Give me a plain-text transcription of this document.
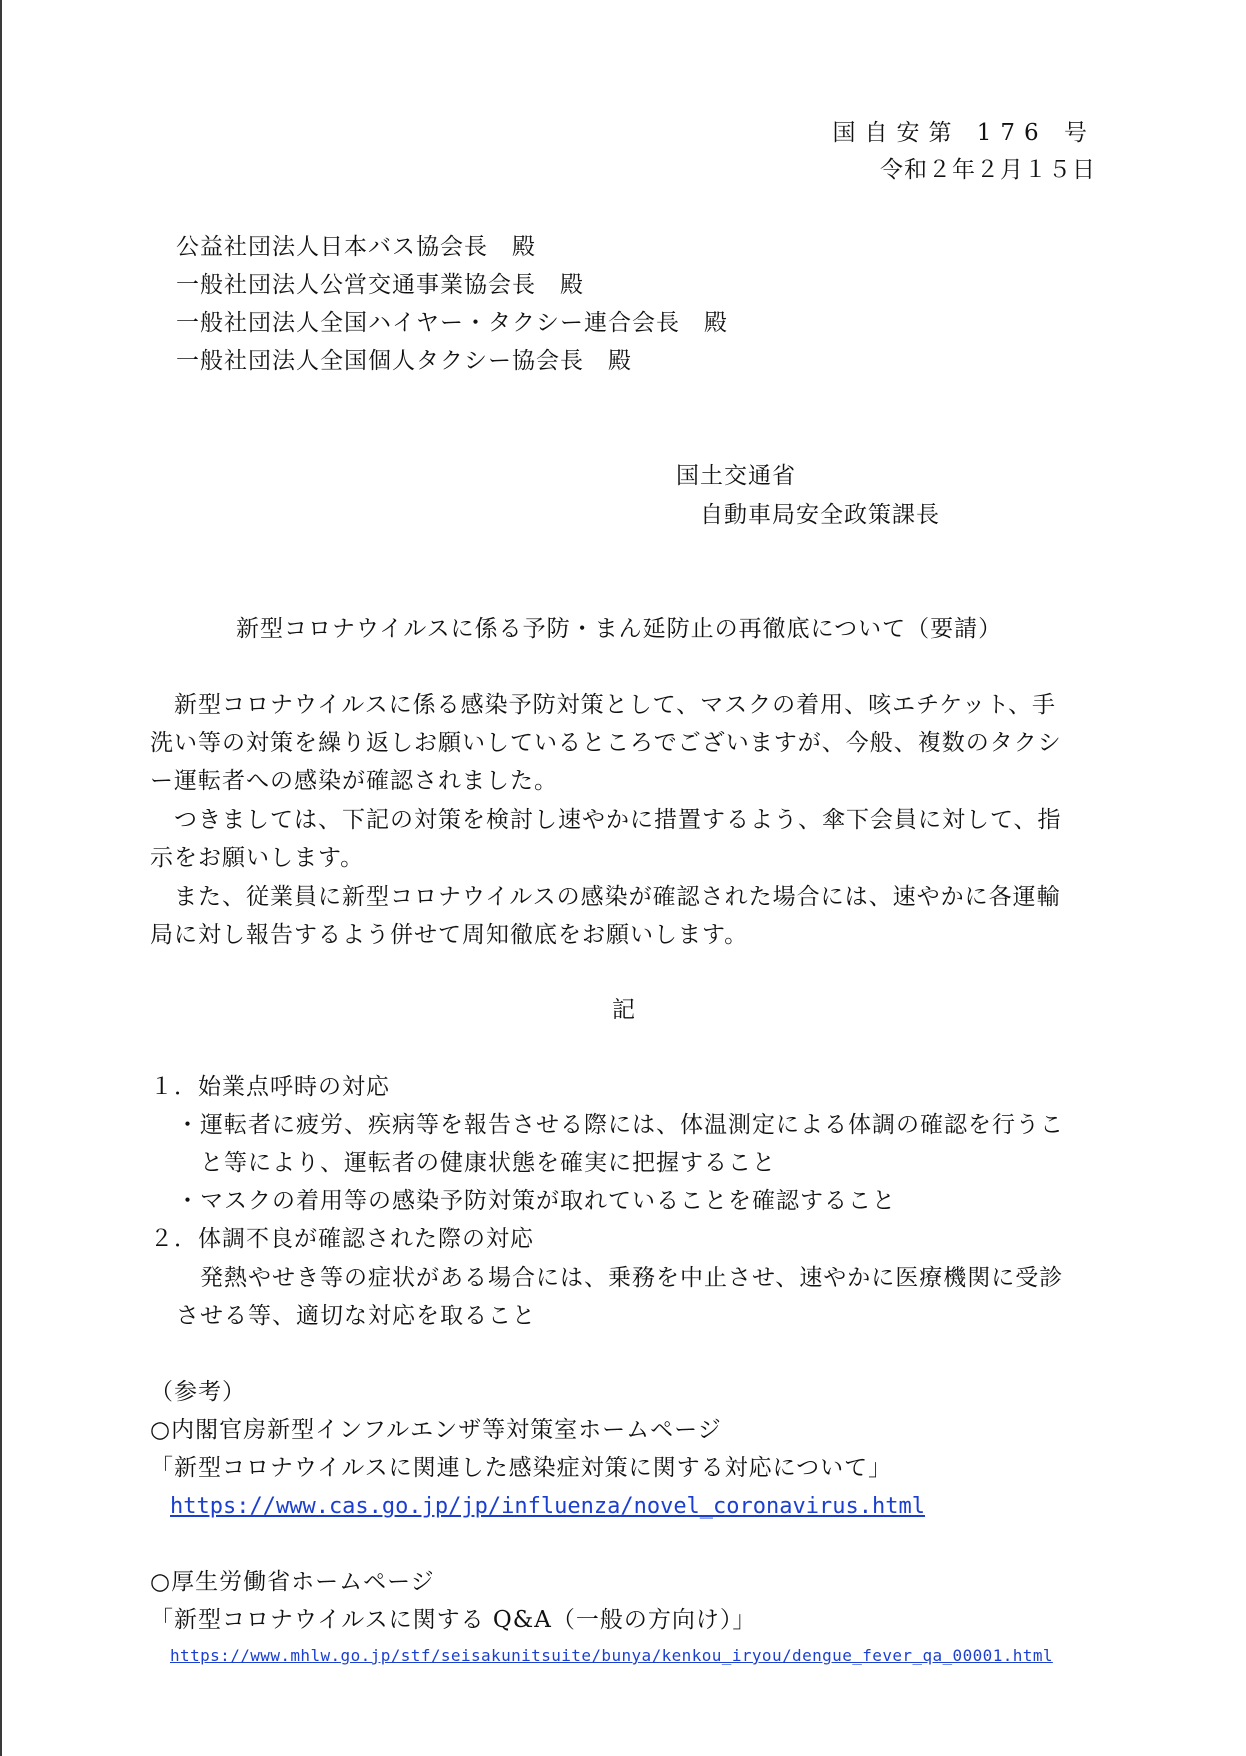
国自安第 176 号
令和２年２月１５日
公益社団法人日本バス協会長　殿
一般社団法人公営交通事業協会長　殿
一般社団法人全国ハイヤー・タクシー連合会長　殿
一般社団法人全国個人タクシー協会長　殿
国土交通省
自動車局安全政策課長
新型コロナウイルスに係る予防・まん延防止の再徹底について（要請）
　新型コロナウイルスに係る感染予防対策として、マスクの着用、咳エチケット、手
洗い等の対策を繰り返しお願いしているところでございますが、今般、複数のタクシ
ー運転者への感染が確認されました。
　つきましては、下記の対策を検討し速やかに措置するよう、傘下会員に対して、指
示をお願いします。
　また、従業員に新型コロナウイルスの感染が確認された場合には、速やかに各運輸
局に対し報告するよう併せて周知徹底をお願いします。
記
１．始業点呼時の対応
・運転者に疲労、疾病等を報告させる際には、体温測定による体調の確認を行うこ
と等により、運転者の健康状態を確実に把握すること
・マスクの着用等の感染予防対策が取れていることを確認すること
２．体調不良が確認された際の対応
　発熱やせき等の症状がある場合には、乗務を中止させ、速やかに医療機関に受診
させる等、適切な対応を取ること
（参考）
○内閣官房新型インフルエンザ等対策室ホームページ
「新型コロナウイルスに関連した感染症対策に関する対応について」
https://www.cas.go.jp/jp/influenza/novel_coronavirus.html
○厚生労働省ホームページ
「新型コロナウイルスに関する Q&A（一般の方向け）」
https://www.mhlw.go.jp/stf/seisakunitsuite/bunya/kenkou_iryou/dengue_fever_qa_00001.html
